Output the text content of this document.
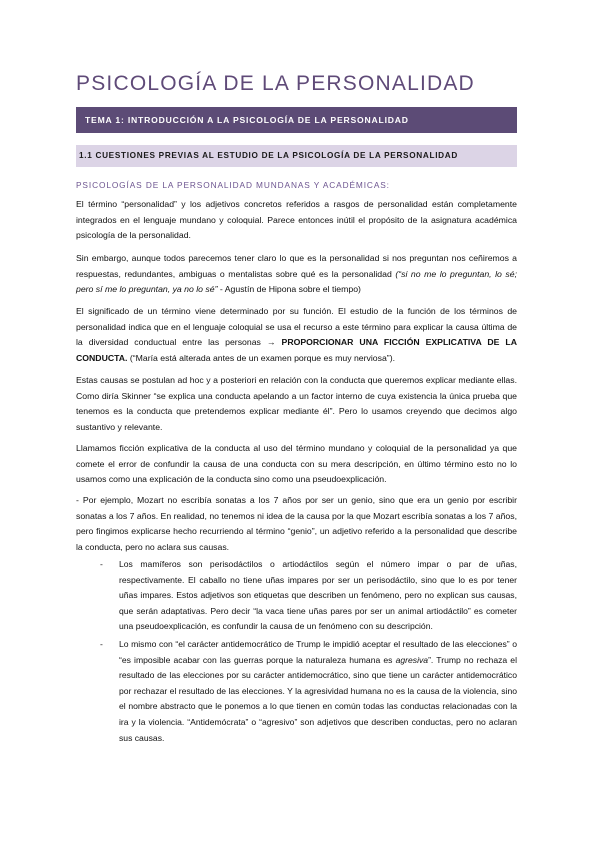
PSICOLOGÍA DE LA PERSONALIDAD
TEMA 1: INTRODUCCIÓN A LA PSICOLOGÍA DE LA PERSONALIDAD
1.1 CUESTIONES PREVIAS AL ESTUDIO DE LA PSICOLOGÍA DE LA PERSONALIDAD
PSICOLOGÍAS DE LA PERSONALIDAD MUNDANAS Y ACADÉMICAS:

El término “personalidad” y los adjetivos concretos referidos a rasgos de personalidad están completamente integrados en el lenguaje mundano y coloquial. Parece entonces inútil el propósito de la asignatura académica psicología de la personalidad.

Sin embargo, aunque todos parecemos tener claro lo que es la personalidad si nos preguntan nos ceñiremos a respuestas, redundantes, ambiguas o mentalistas sobre qué es la personalidad (“si no me lo preguntan, lo sé; pero sí me lo preguntan, ya no lo sé” - Agustín de Hipona sobre el tiempo)

El significado de un término viene determinado por su función. El estudio de la función de los términos de personalidad indica que en el lenguaje coloquial se usa el recurso a este término para explicar la causa última de la diversidad conductual entre las personas → PROPORCIONAR UNA FICCIÓN EXPLICATIVA DE LA CONDUCTA. (“María está alterada antes de un examen porque es muy nerviosa”).

Estas causas se postulan ad hoc y a posteriori en relación con la conducta que queremos explicar mediante ellas. Como diría Skinner “se explica una conducta apelando a un factor interno de cuya existencia la única prueba que tenemos es la conducta que pretendemos explicar mediante él”. Pero lo usamos creyendo que decimos algo sustantivo y relevante.

Llamamos ficción explicativa de la conducta al uso del término mundano y coloquial de la personalidad ya que comete el error de confundir la causa de una conducta con su mera descripción, en último término esto no lo usamos como una explicación de la conducta sino como una pseudoexplicación.

- Por ejemplo, Mozart no escribía sonatas a los 7 años por ser un genio, sino que era un genio por escribir sonatas a los 7 años. En realidad, no tenemos ni idea de la causa por la que Mozart escribía sonatas a los 7 años, pero fingimos explicarse hecho recurriendo al término “genio”, un adjetivo referido a la personalidad que describe la conducta, pero no aclara sus causas.

- Los mamíferos son perisodáctilos o artiodáctilos según el número impar o par de uñas, respectivamente. El caballo no tiene uñas impares por ser un perisodáctilo, sino que lo es por tener uñas impares. Estos adjetivos son etiquetas que describen un fenómeno, pero no explican sus causas, que serán adaptativas. Pero decir “la vaca tiene uñas pares por ser un animal artiodáctilo” es cometer una pseudoexplicación, es confundir la causa de un fenómeno con su descripción.
- Lo mismo con “el carácter antidemocrático de Trump le impidió aceptar el resultado de las elecciones” o “es imposible acabar con las guerras porque la naturaleza humana es agresiva”. Trump no rechaza el resultado de las elecciones por su carácter antidemocrático, sino que tiene un carácter antidemocrático por rechazar el resultado de las elecciones. Y la agresividad humana no es la causa de la violencia, sino el nombre abstracto que le ponemos a lo que tienen en común todas las conductas relacionadas con la ira y la violencia. “Antidemócrata” o “agresivo” son adjetivos que describen conductas, pero no aclaran sus causas.
